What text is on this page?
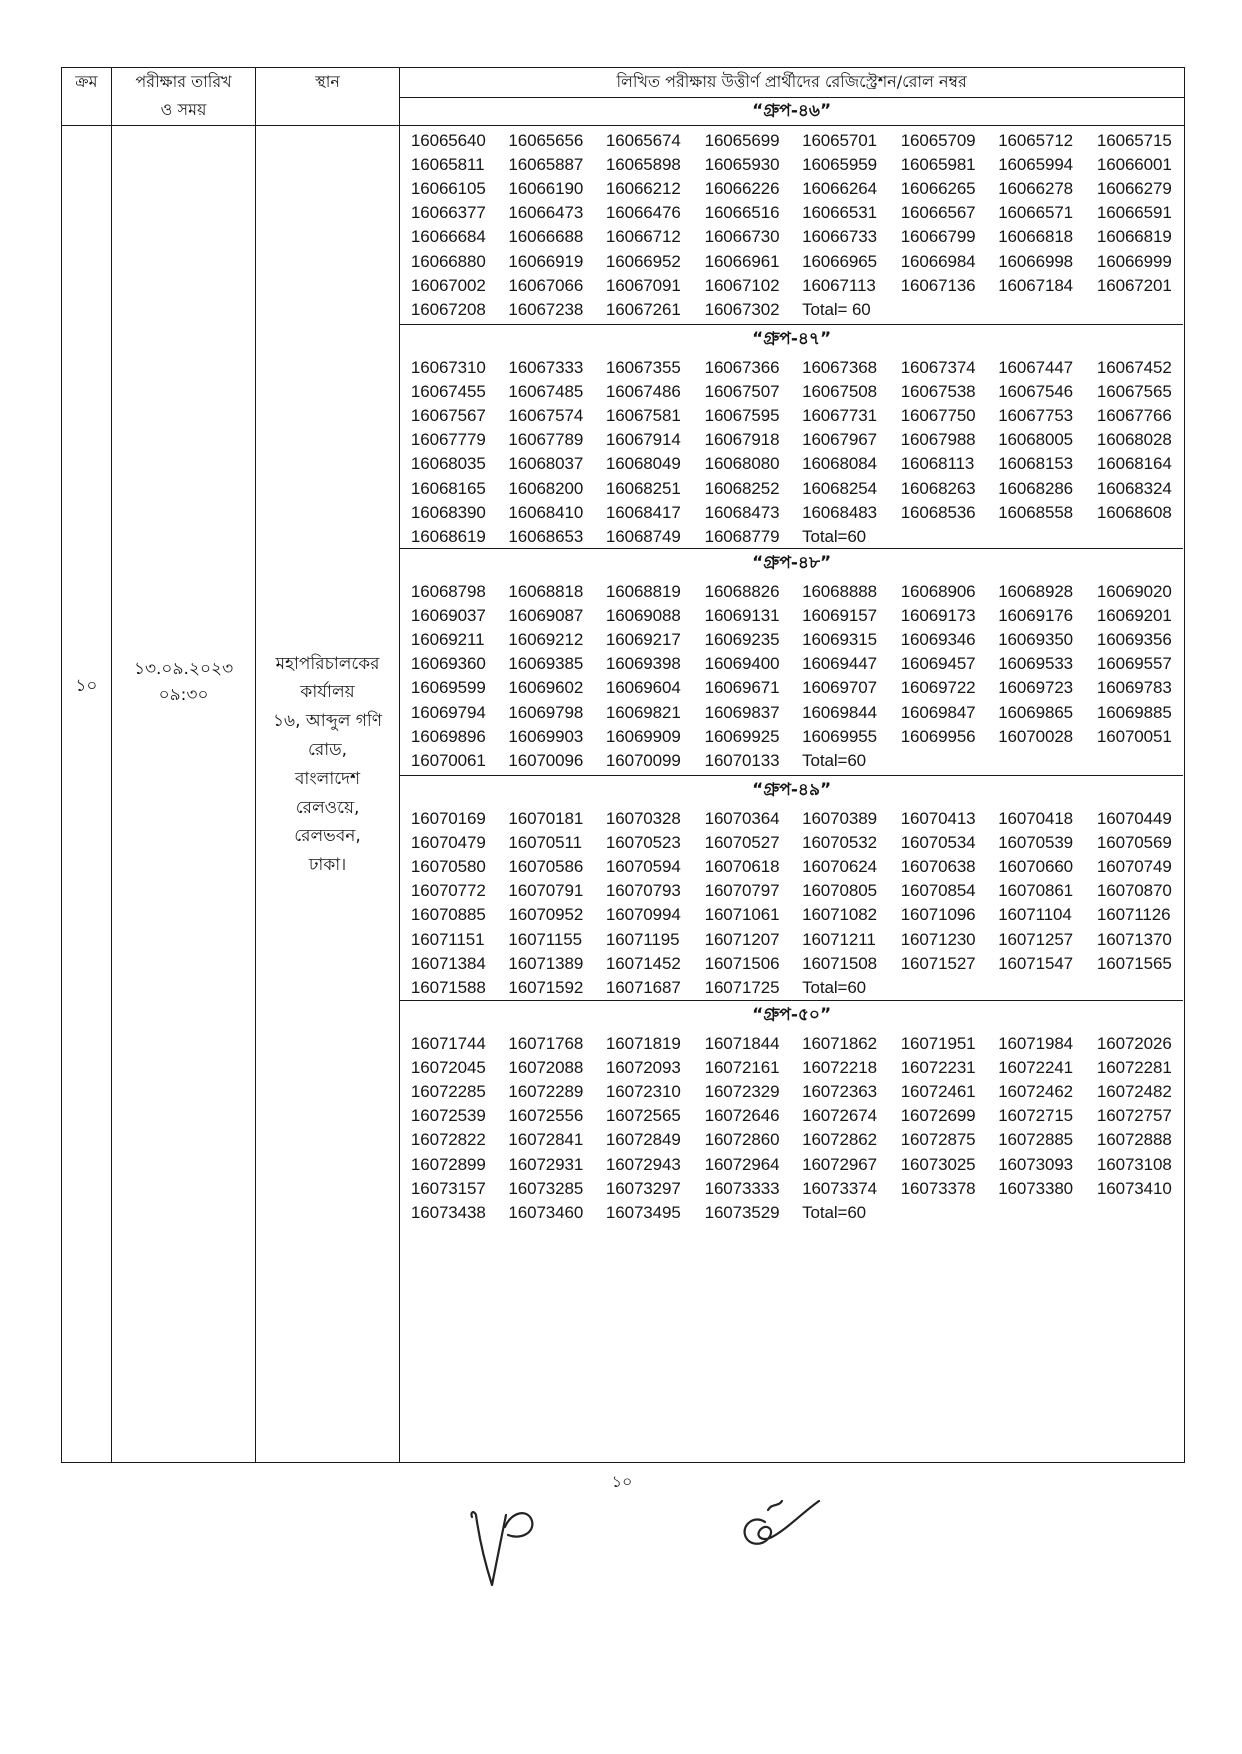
ক্রম	পরীক্ষার তারিখ
ও সময়
স্থান	লিখিত পরীক্ষায় উত্তীর্ণ প্রার্থীদের রেজিস্ট্রেশন/রোল নম্বর
“গ্রুপ-৪৬”
১০
১৩.০৯.২০২৩
০৯:৩০
মহাপরিচালকের
কার্যালয়
১৬, আব্দুল গণি
রোড,
বাংলাদেশ
রেলওয়ে,
রেলভবন,
ঢাকা।
16065640 16065656 16065674 16065699 16065701 16065709 16065712 16065715
16065811 16065887 16065898 16065930 16065959 16065981 16065994 16066001
16066105 16066190 16066212 16066226 16066264 16066265 16066278 16066279
16066377 16066473 16066476 16066516 16066531 16066567 16066571 16066591
16066684 16066688 16066712 16066730 16066733 16066799 16066818 16066819
16066880 16066919 16066952 16066961 16066965 16066984 16066998 16066999
16067002 16067066 16067091 16067102 16067113 16067136 16067184 16067201
16067208 16067238 16067261 16067302 Total= 60
“গ্রুপ-৪৭”
16067310 16067333 16067355 16067366 16067368 16067374 16067447 16067452
16067455 16067485 16067486 16067507 16067508 16067538 16067546 16067565
16067567 16067574 16067581 16067595 16067731 16067750 16067753 16067766
16067779 16067789 16067914 16067918 16067967 16067988 16068005 16068028
16068035 16068037 16068049 16068080 16068084 16068113 16068153 16068164
16068165 16068200 16068251 16068252 16068254 16068263 16068286 16068324
16068390 16068410 16068417 16068473 16068483 16068536 16068558 16068608
16068619 16068653 16068749 16068779 Total=60
“গ্রুপ-৪৮”
16068798 16068818 16068819 16068826 16068888 16068906 16068928 16069020
16069037 16069087 16069088 16069131 16069157 16069173 16069176 16069201
16069211 16069212 16069217 16069235 16069315 16069346 16069350 16069356
16069360 16069385 16069398 16069400 16069447 16069457 16069533 16069557
16069599 16069602 16069604 16069671 16069707 16069722 16069723 16069783
16069794 16069798 16069821 16069837 16069844 16069847 16069865 16069885
16069896 16069903 16069909 16069925 16069955 16069956 16070028 16070051
16070061 16070096 16070099 16070133 Total=60
“গ্রুপ-৪৯”
16070169 16070181 16070328 16070364 16070389 16070413 16070418 16070449
16070479 16070511 16070523 16070527 16070532 16070534 16070539 16070569
16070580 16070586 16070594 16070618 16070624 16070638 16070660 16070749
16070772 16070791 16070793 16070797 16070805 16070854 16070861 16070870
16070885 16070952 16070994 16071061 16071082 16071096 16071104 16071126
16071151 16071155 16071195 16071207 16071211 16071230 16071257 16071370
16071384 16071389 16071452 16071506 16071508 16071527 16071547 16071565
16071588 16071592 16071687 16071725 Total=60
“গ্রুপ-৫০”
16071744 16071768 16071819 16071844 16071862 16071951 16071984 16072026
16072045 16072088 16072093 16072161 16072218 16072231 16072241 16072281
16072285 16072289 16072310 16072329 16072363 16072461 16072462 16072482
16072539 16072556 16072565 16072646 16072674 16072699 16072715 16072757
16072822 16072841 16072849 16072860 16072862 16072875 16072885 16072888
16072899 16072931 16072943 16072964 16072967 16073025 16073093 16073108
16073157 16073285 16073297 16073333 16073374 16073378 16073380 16073410
16073438 16073460 16073495 16073529 Total=60
১০
